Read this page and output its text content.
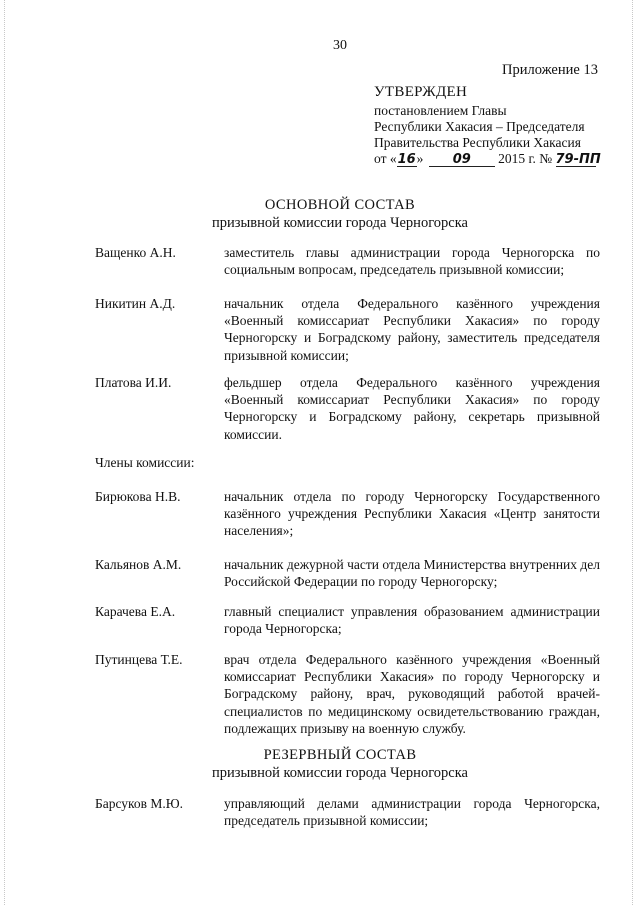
30
Приложение 13
УТВЕРЖДЕН
постановлением Главы
Республики Хакасия – Председателя
Правительства Республики Хакасия
от «16» 09 2015 г. № 79-ПП
ОСНОВНОЙ СОСТАВ
призывной комиссии города Черногорска
Ващенко А.Н.	заместитель главы администрации города Черногорска по социальным вопросам, председатель призывной комиссии;
Никитин А.Д.	начальник отдела Федерального казённого учреждения «Военный комиссариат Республики Хакасия» по городу Черногорску и Боградскому району, заместитель председателя призывной комиссии;
Платова И.И.	фельдшер отдела Федерального казённого учреждения «Военный комиссариат Республики Хакасия» по городу Черногорску и Боградскому району, секретарь призывной комиссии.
Члены комиссии:
Бирюкова Н.В.	начальник отдела по городу Черногорску Государственного казённого учреждения Республики Хакасия «Центр занятости населения»;
Кальянов А.М.	начальник дежурной части отдела Министерства внутренних дел Российской Федерации по городу Черногорску;
Карачева Е.А.	главный специалист управления образованием администрации города Черногорска;
Путинцева Т.Е.	врач отдела Федерального казённого учреждения «Военный комиссариат Республики Хакасия» по городу Черногорску и Боградскому району, врач, руководящий работой врачей-специалистов по медицинскому освидетельствованию граждан, подлежащих призыву на военную службу.
РЕЗЕРВНЫЙ СОСТАВ
призывной комиссии города Черногорска
Барсуков М.Ю.	управляющий делами администрации города Черногорска, председатель призывной комиссии;
